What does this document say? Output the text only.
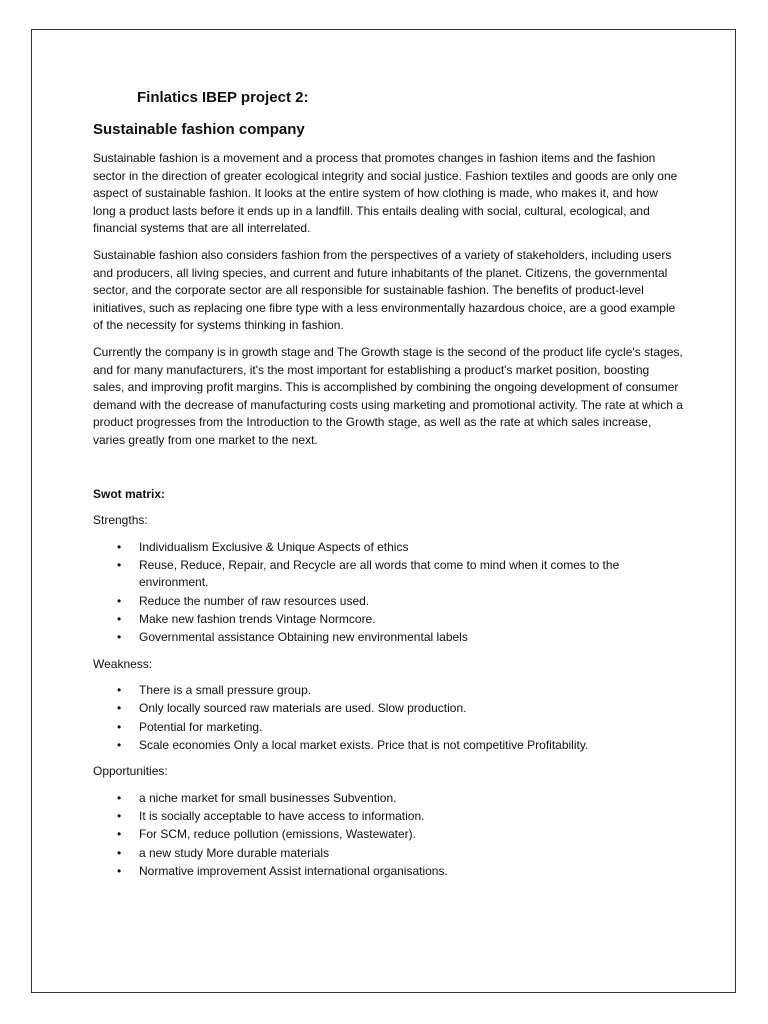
Finlatics IBEP project 2:
Sustainable fashion company

Sustainable fashion is a movement and a process that promotes changes in fashion items and the fashion sector in the direction of greater ecological integrity and social justice. Fashion textiles and goods are only one aspect of sustainable fashion. It looks at the entire system of how clothing is made, who makes it, and how long a product lasts before it ends up in a landfill. This entails dealing with social, cultural, ecological, and financial systems that are all interrelated.

Sustainable fashion also considers fashion from the perspectives of a variety of stakeholders, including users and producers, all living species, and current and future inhabitants of the planet. Citizens, the governmental sector, and the corporate sector are all responsible for sustainable fashion. The benefits of product-level initiatives, such as replacing one fibre type with a less environmentally hazardous choice, are a good example of the necessity for systems thinking in fashion.

Currently the company is in growth stage and The Growth stage is the second of the product life cycle's stages, and for many manufacturers, it's the most important for establishing a product's market position, boosting sales, and improving profit margins. This is accomplished by combining the ongoing development of consumer demand with the decrease of manufacturing costs using marketing and promotional activity. The rate at which a product progresses from the Introduction to the Growth stage, as well as the rate at which sales increase, varies greatly from one market to the next.

Swot matrix:

Strengths:

• Individualism Exclusive & Unique Aspects of ethics
• Reuse, Reduce, Repair, and Recycle are all words that come to mind when it comes to the environment.
• Reduce the number of raw resources used.
• Make new fashion trends Vintage Normcore.
• Governmental assistance Obtaining new environmental labels

Weakness:

• There is a small pressure group.
• Only locally sourced raw materials are used. Slow production.
• Potential for marketing.
• Scale economies Only a local market exists. Price that is not competitive Profitability.

Opportunities:

• a niche market for small businesses Subvention.
• It is socially acceptable to have access to information.
• For SCM, reduce pollution (emissions, Wastewater).
• a new study More durable materials
• Normative improvement Assist international organisations.
